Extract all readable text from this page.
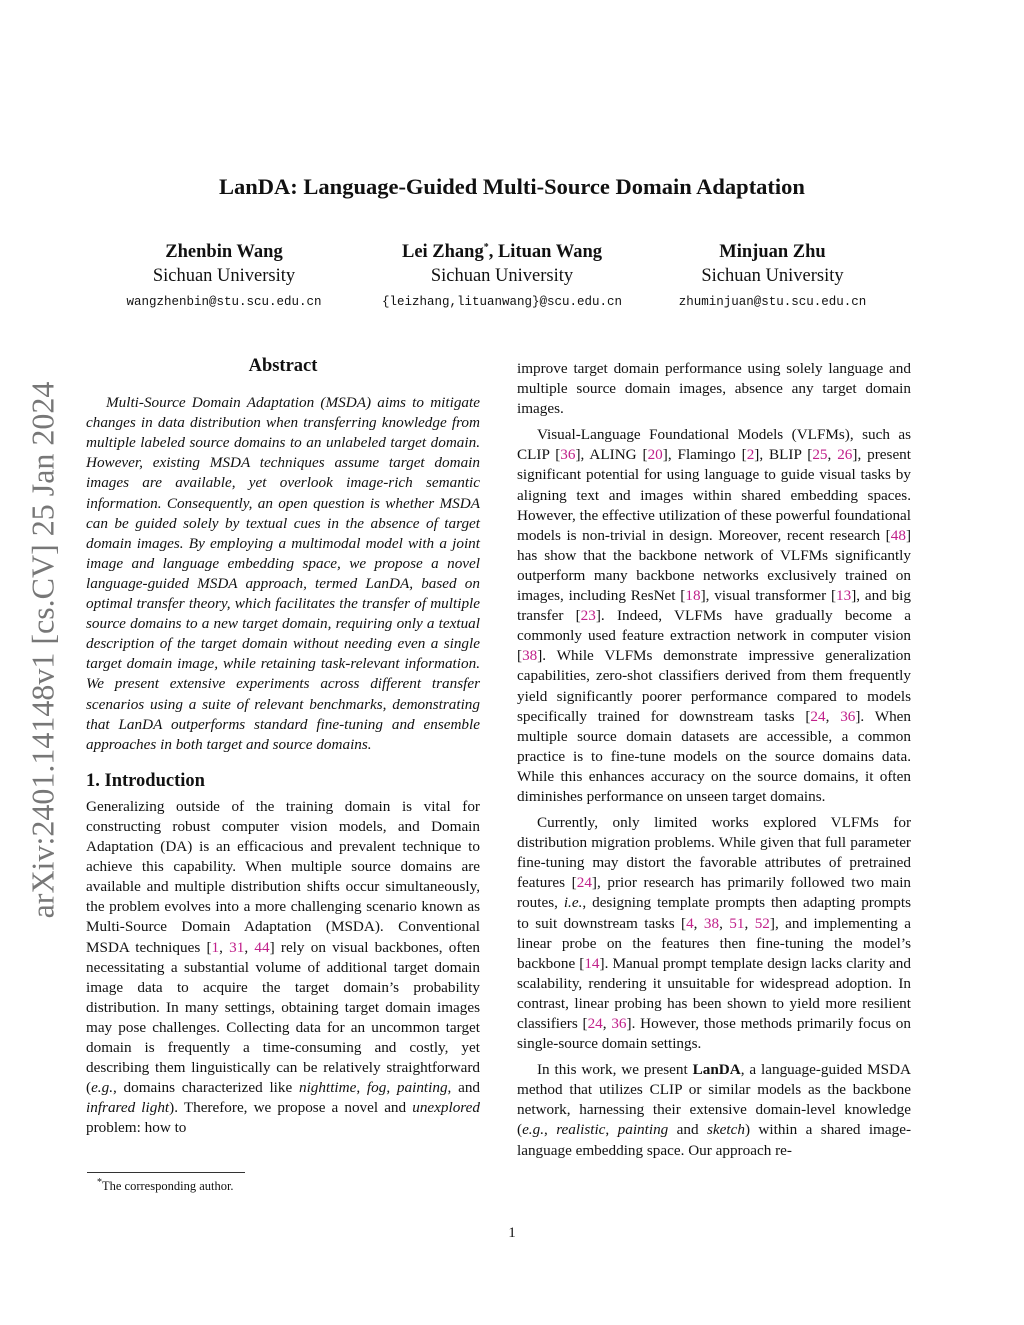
arXiv:2401.14148v1 [cs.CV] 25 Jan 2024
LanDA: Language-Guided Multi-Source Domain Adaptation
Zhenbin Wang
Sichuan University
wangzhenbin@stu.scu.edu.cn
Lei Zhang*, Lituan Wang
Sichuan University
{leizhang,lituanwang}@scu.edu.cn
Minjuan Zhu
Sichuan University
zhuminjuan@stu.scu.edu.cn
Abstract

Multi-Source Domain Adaptation (MSDA) aims to mitigate changes in data distribution when transferring knowledge from multiple labeled source domains to an unlabeled target domain. However, existing MSDA techniques assume target domain images are available, yet overlook image-rich semantic information. Consequently, an open question is whether MSDA can be guided solely by textual cues in the absence of target domain images. By employing a multimodal model with a joint image and language embedding space, we propose a novel language-guided MSDA approach, termed LanDA, based on optimal transfer theory, which facilitates the transfer of multiple source domains to a new target domain, requiring only a textual description of the target domain without needing even a single target domain image, while retaining task-relevant information. We present extensive experiments across different transfer scenarios using a suite of relevant benchmarks, demonstrating that LanDA outperforms standard fine-tuning and ensemble approaches in both target and source domains.

1. Introduction

Generalizing outside of the training domain is vital for constructing robust computer vision models, and Domain Adaptation (DA) is an efficacious and prevalent technique to achieve this capability. When multiple source domains are available and multiple distribution shifts occur simultaneously, the problem evolves into a more challenging scenario known as Multi-Source Domain Adaptation (MSDA). Conventional MSDA techniques [1, 31, 44] rely on visual backbones, often necessitating a substantial volume of additional target domain image data to acquire the target domain’s probability distribution. In many settings, obtaining target domain images may pose challenges. Collecting data for an uncommon target domain is frequently a time-consuming and costly, yet describing them linguistically can be relatively straightforward (e.g., domains characterized like nighttime, fog, painting, and infrared light). Therefore, we propose a novel and unexplored problem: how to

*The corresponding author.

improve target domain performance using solely language and multiple source domain images, absence any target domain images.

Visual-Language Foundational Models (VLFMs), such as CLIP [36], ALING [20], Flamingo [2], BLIP [25, 26], present significant potential for using language to guide visual tasks by aligning text and images within shared embedding spaces. However, the effective utilization of these powerful foundational models is non-trivial in design. Moreover, recent research [48] has show that the backbone network of VLFMs significantly outperform many backbone networks exclusively trained on images, including ResNet [18], visual transformer [13], and big transfer [23]. Indeed, VLFMs have gradually become a commonly used feature extraction network in computer vision [38]. While VLFMs demonstrate impressive generalization capabilities, zero-shot classifiers derived from them frequently yield significantly poorer performance compared to models specifically trained for downstream tasks [24, 36]. When multiple source domain datasets are accessible, a common practice is to fine-tune models on the source domains data. While this enhances accuracy on the source domains, it often diminishes performance on unseen target domains.

Currently, only limited works explored VLFMs for distribution migration problems. While given that full parameter fine-tuning may distort the favorable attributes of pretrained features [24], prior research has primarily followed two main routes, i.e., designing template prompts then adapting prompts to suit downstream tasks [4, 38, 51, 52], and implementing a linear probe on the features then fine-tuning the model’s backbone [14]. Manual prompt template design lacks clarity and scalability, rendering it unsuitable for widespread adoption. In contrast, linear probing has been shown to yield more resilient classifiers [24, 36]. However, those methods primarily focus on single-source domain settings.

In this work, we present LanDA, a language-guided MSDA method that utilizes CLIP or similar models as the backbone network, harnessing their extensive domain-level knowledge (e.g., realistic, painting and sketch) within a shared image-language embedding space. Our approach re-

1
